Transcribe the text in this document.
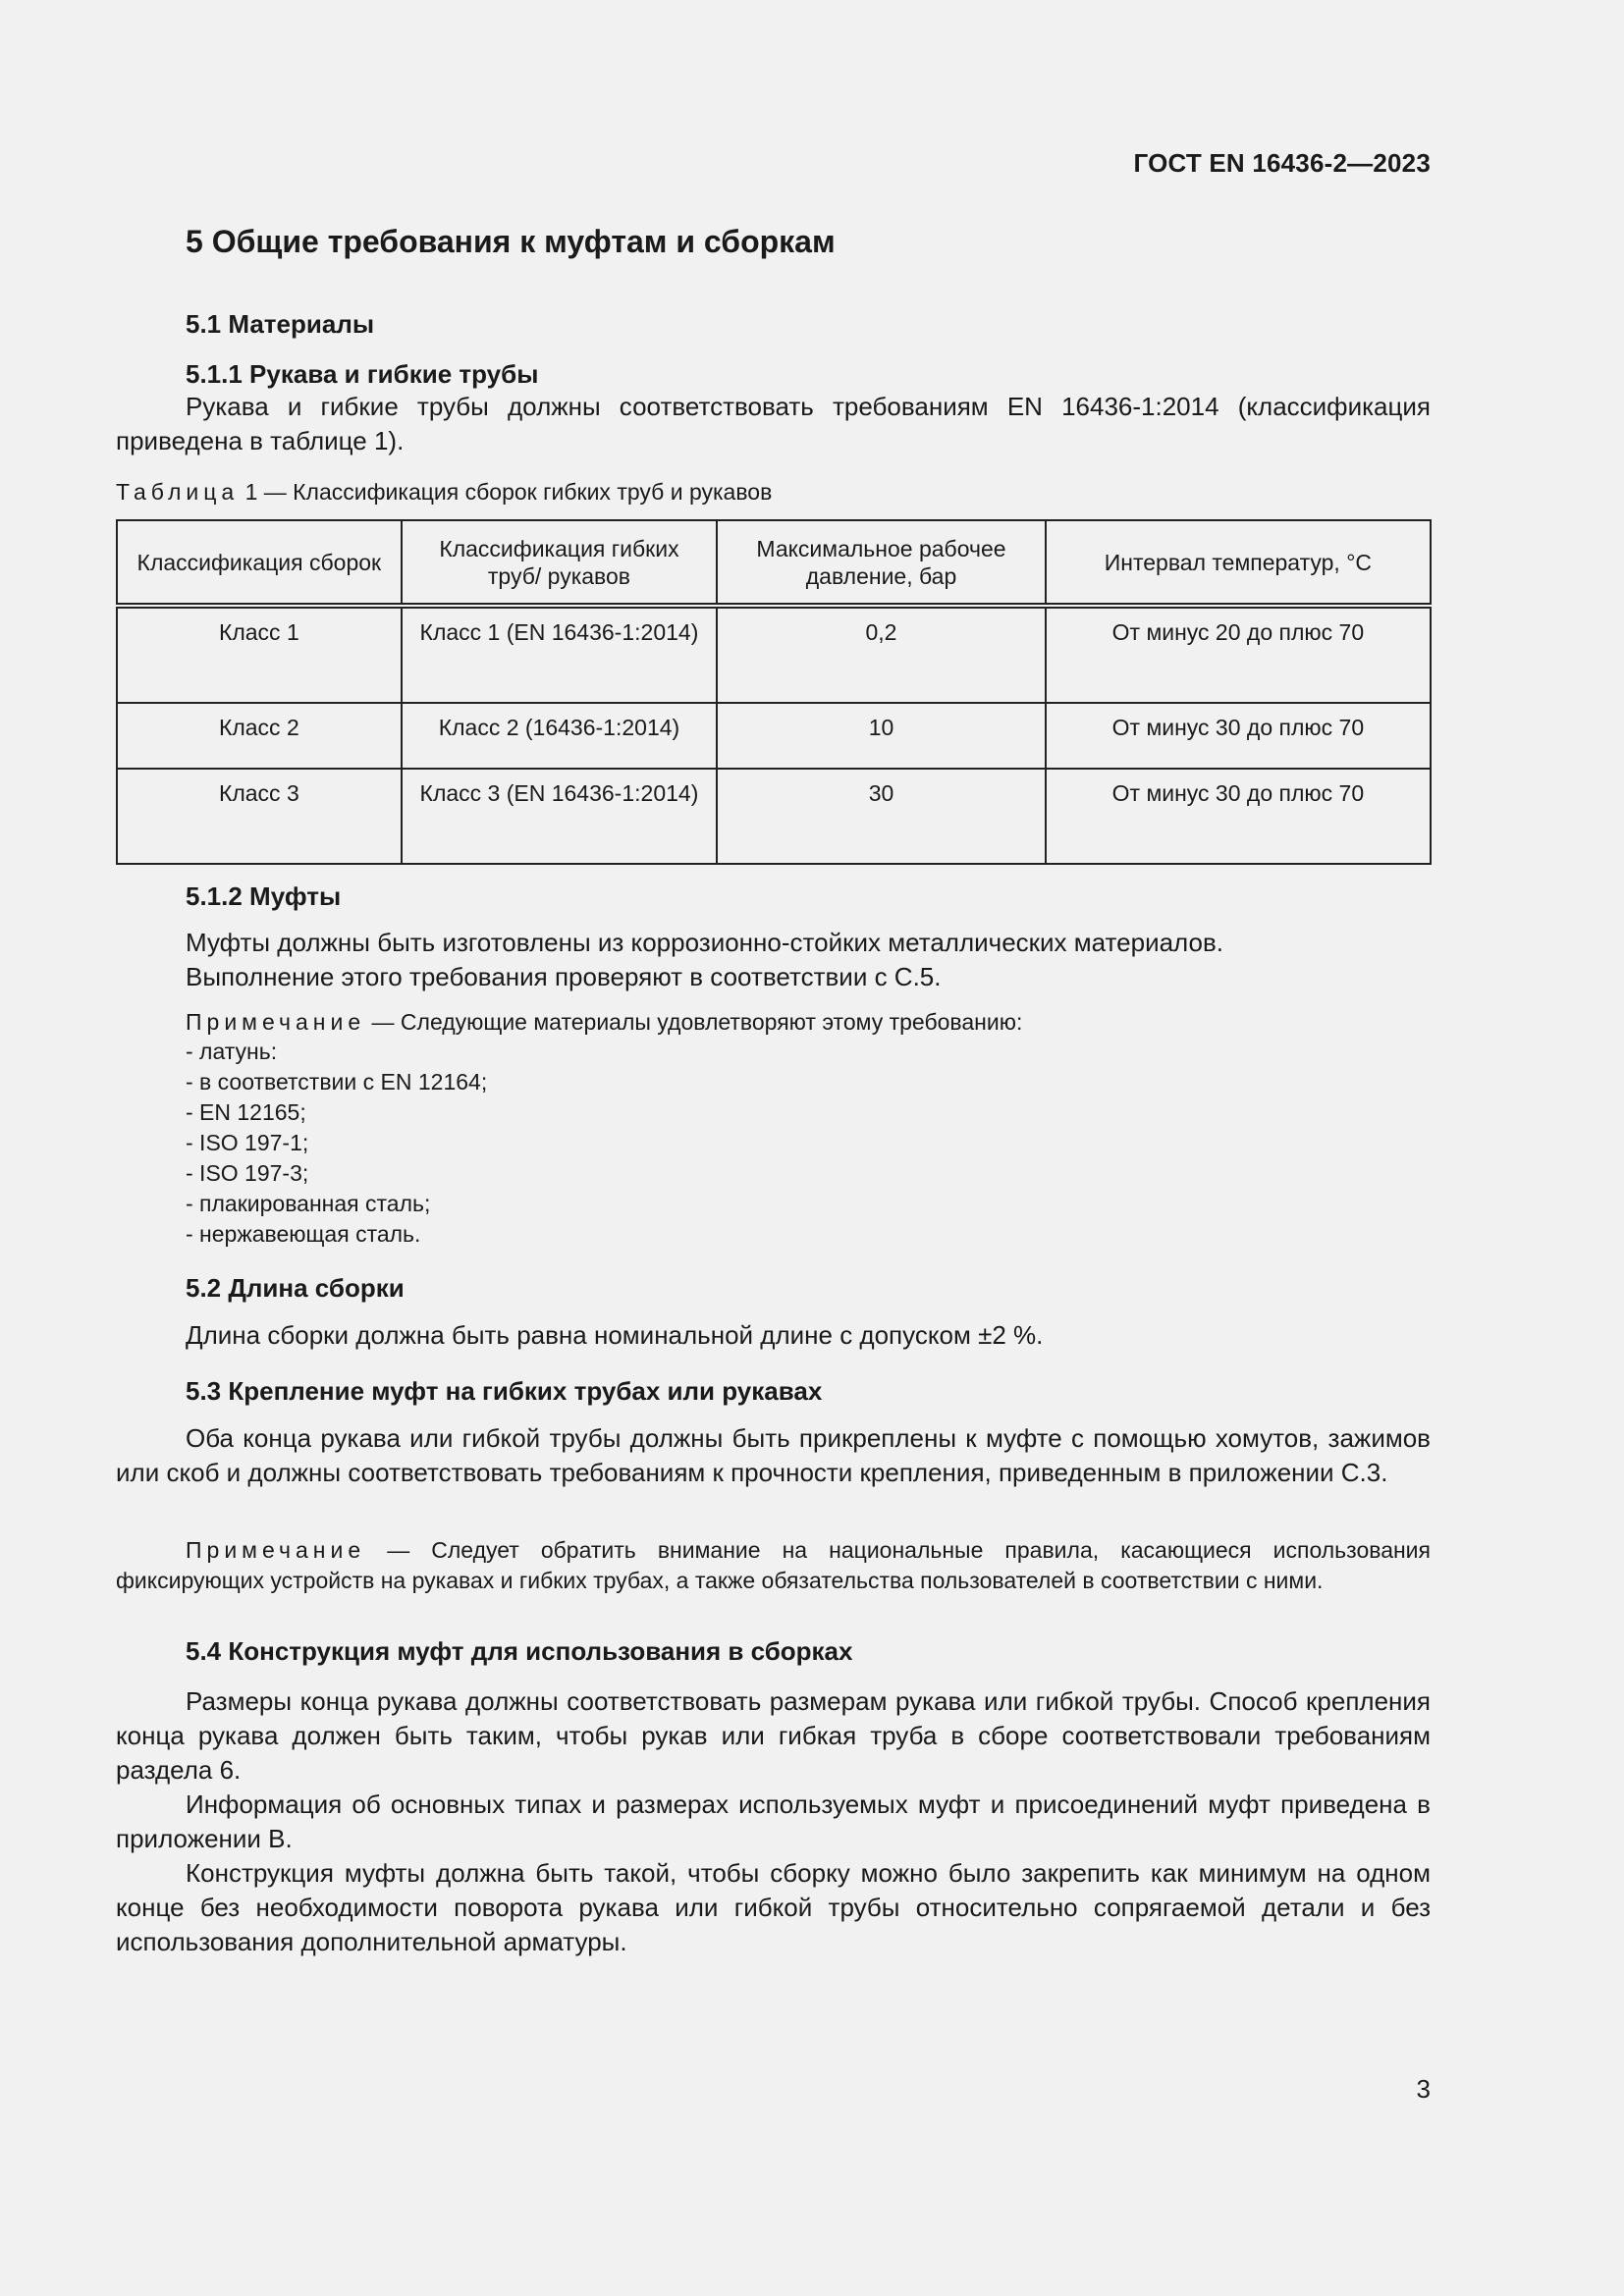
ГОСТ EN 16436-2—2023
5 Общие требования к муфтам и сборкам
5.1 Материалы
5.1.1 Рукава и гибкие трубы
Рукава и гибкие трубы должны соответствовать требованиям EN 16436-1:2014 (классификация приведена в таблице 1).
Таблица 1 — Классификация сборок гибких труб и рукавов
Классификация сборок	Классификация гибких труб/ рукавов	Максимальное рабочее давление, бар	Интервал температур, °C
Класс 1	Класс 1 (EN 16436-1:2014)	0,2	От минус 20 до плюс 70
Класс 2	Класс 2 (16436-1:2014)	10	От минус 30 до плюс 70
Класс 3	Класс 3 (EN 16436-1:2014)	30	От минус 30 до плюс 70
5.1.2 Муфты
Муфты должны быть изготовлены из коррозионно-стойких металлических материалов.
Выполнение этого требования проверяют в соответствии с С.5.
Примечание — Следующие материалы удовлетворяют этому требованию:
- латунь:
- в соответствии с EN 12164;
- EN 12165;
- ISO 197-1;
- ISO 197-3;
- плакированная сталь;
- нержавеющая сталь.
5.2 Длина сборки
Длина сборки должна быть равна номинальной длине с допуском ±2 %.
5.3 Крепление муфт на гибких трубах или рукавах
Оба конца рукава или гибкой трубы должны быть прикреплены к муфте с помощью хомутов, зажимов или скоб и должны соответствовать требованиям к прочности крепления, приведенным в приложении С.3.
Примечание — Следует обратить внимание на национальные правила, касающиеся использования фиксирующих устройств на рукавах и гибких трубах, а также обязательства пользователей в соответствии с ними.
5.4 Конструкция муфт для использования в сборках
Размеры конца рукава должны соответствовать размерам рукава или гибкой трубы. Способ крепления конца рукава должен быть таким, чтобы рукав или гибкая труба в сборе соответствовали требованиям раздела 6.
Информация об основных типах и размерах используемых муфт и присоединений муфт приведена в приложении В.
Конструкция муфты должна быть такой, чтобы сборку можно было закрепить как минимум на одном конце без необходимости поворота рукава или гибкой трубы относительно сопрягаемой детали и без использования дополнительной арматуры.
3
